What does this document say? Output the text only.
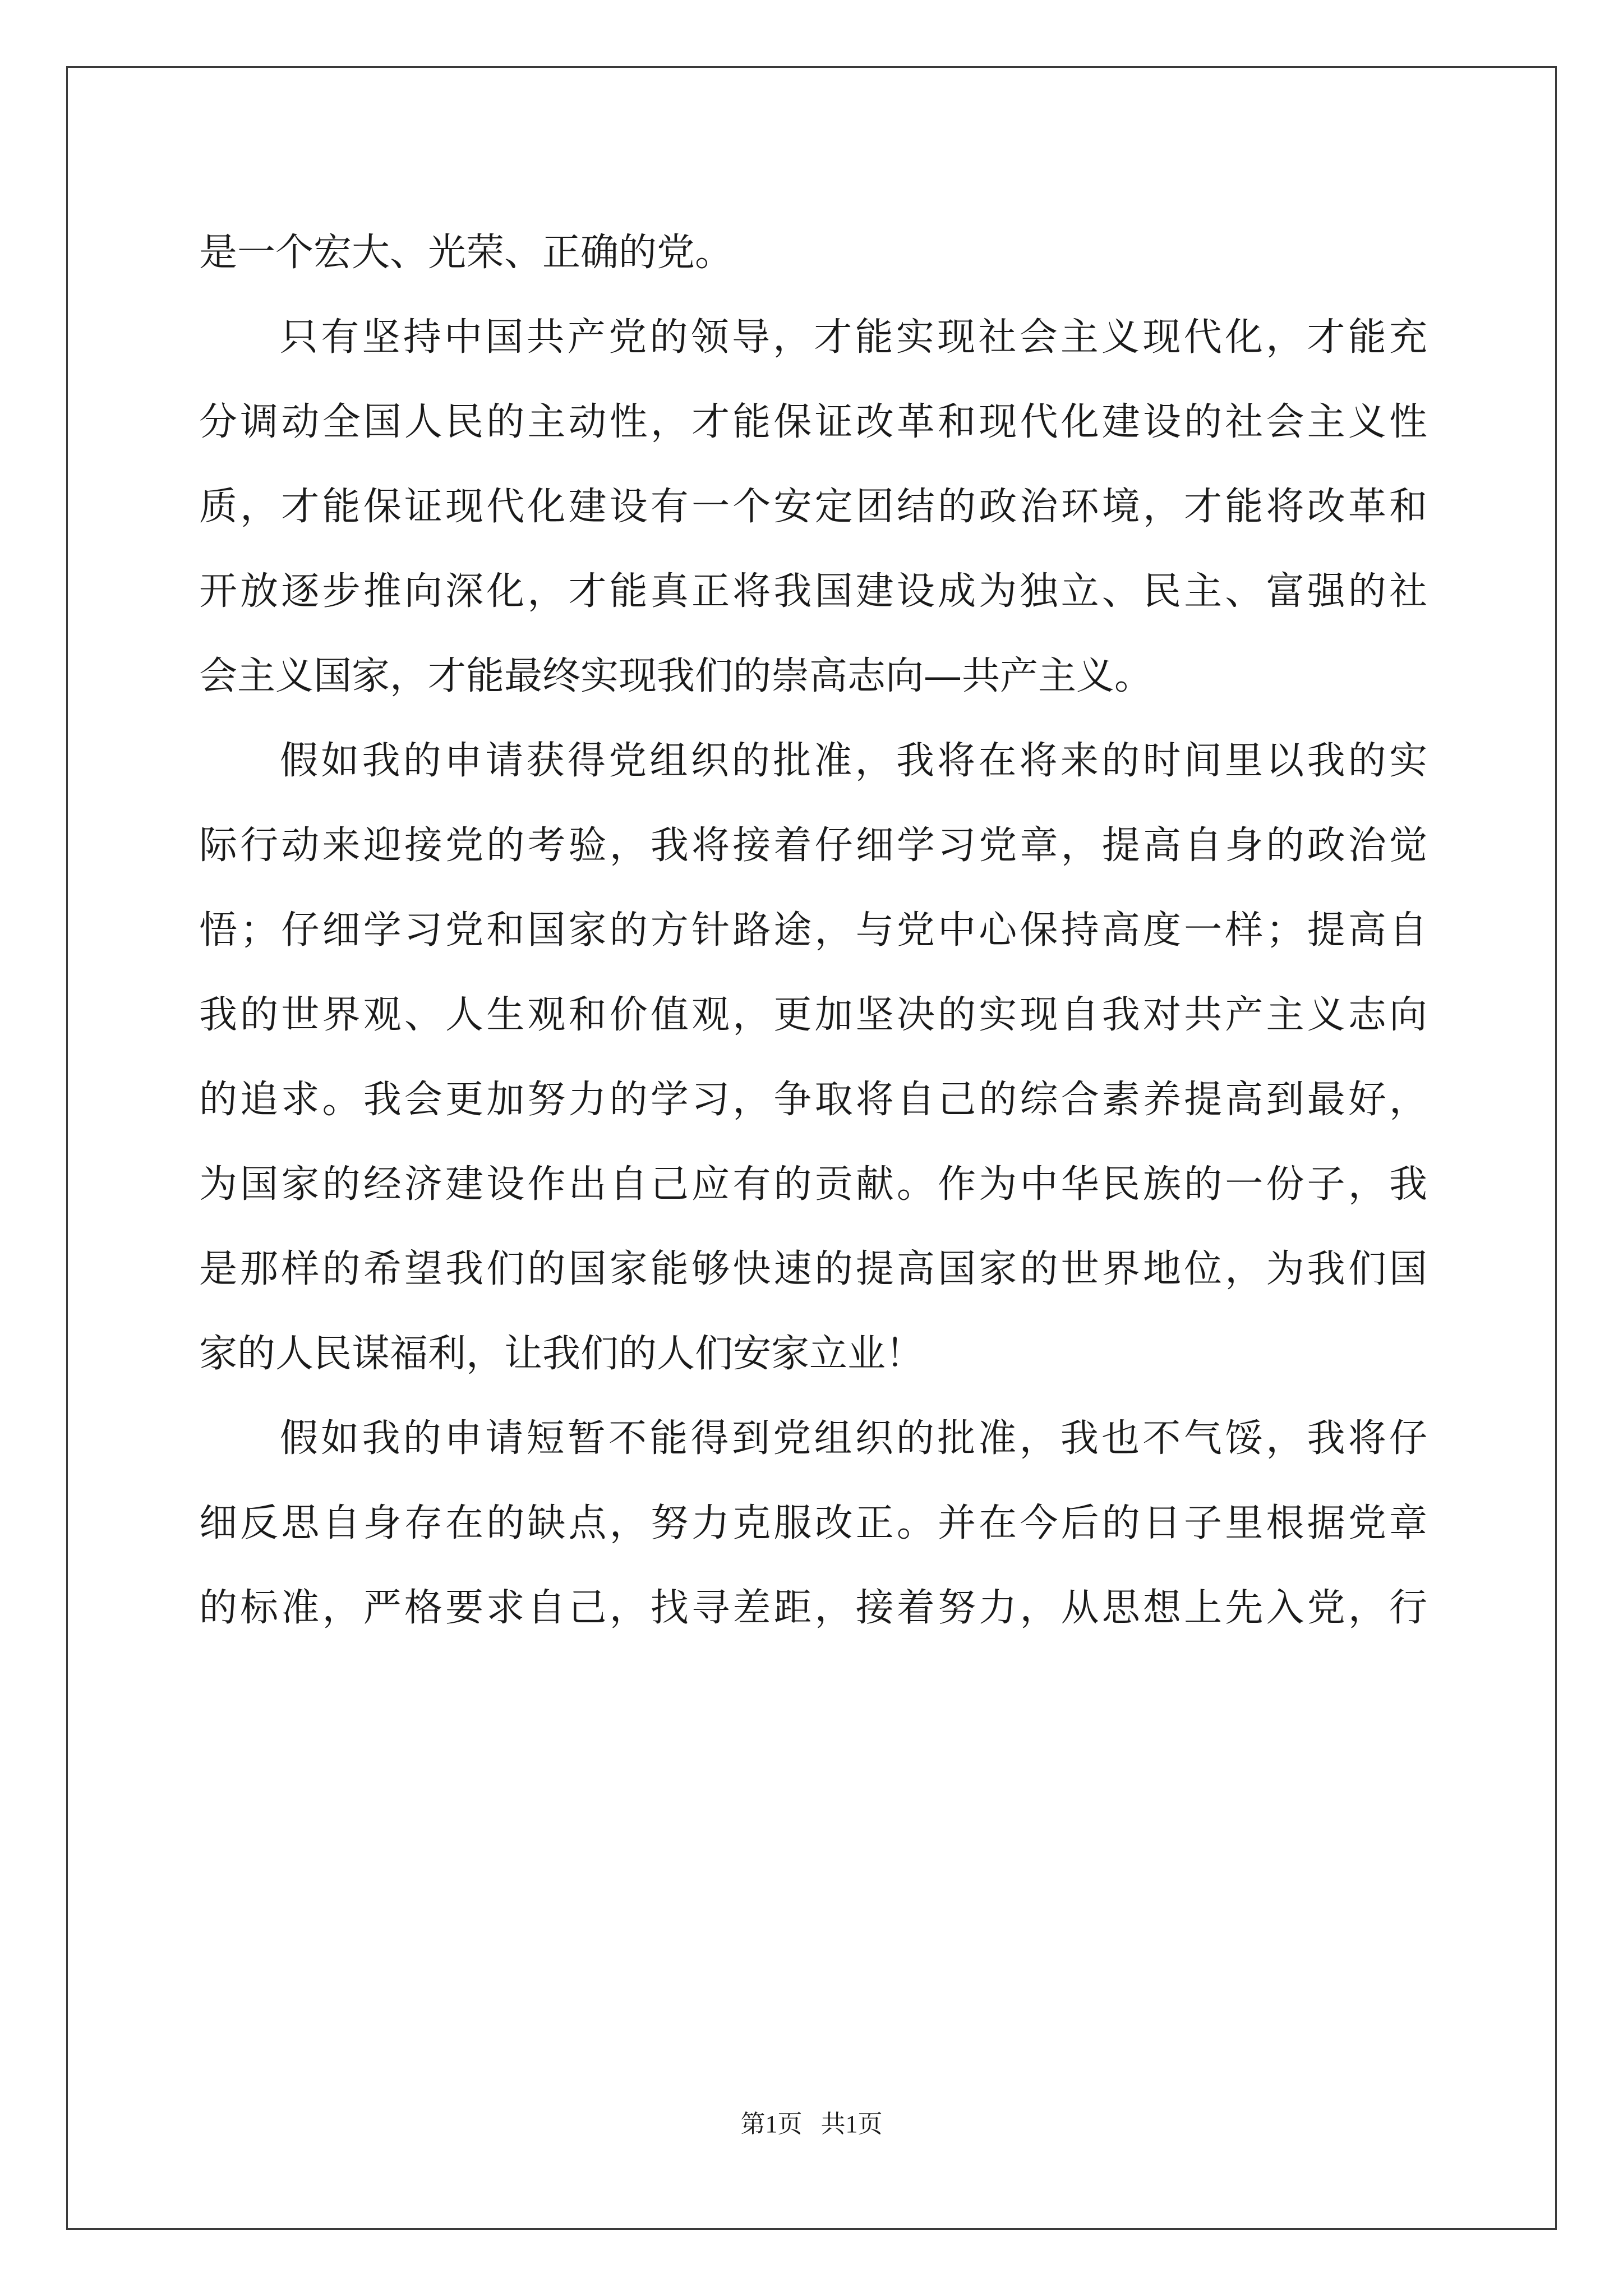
是一个宏大、光荣、正确的党。
只有坚持中国共产党的领导，才能实现社会主义现代化，才能充
分调动全国人民的主动性，才能保证改革和现代化建设的社会主义性
质，才能保证现代化建设有一个安定团结的政治环境，才能将改革和
开放逐步推向深化，才能真正将我国建设成为独立、民主、富强的社
会主义国家，才能最终实现我们的崇高志向—共产主义。
假如我的申请获得党组织的批准，我将在将来的时间里以我的实
际行动来迎接党的考验，我将接着仔细学习党章，提高自身的政治觉
悟；仔细学习党和国家的方针路途，与党中心保持高度一样；提高自
我的世界观、人生观和价值观，更加坚决的实现自我对共产主义志向
的追求。我会更加努力的学习，争取将自己的综合素养提高到最好，
为国家的经济建设作出自己应有的贡献。作为中华民族的一份子，我
是那样的希望我们的国家能够快速的提高国家的世界地位，为我们国
家的人民谋福利，让我们的人们安家立业！
假如我的申请短暂不能得到党组织的批准，我也不气馁，我将仔
细反思自身存在的缺点，努力克服改正。并在今后的日子里根据党章
的标准，严格要求自己，找寻差距，接着努力，从思想上先入党，行
第1页   共1页
